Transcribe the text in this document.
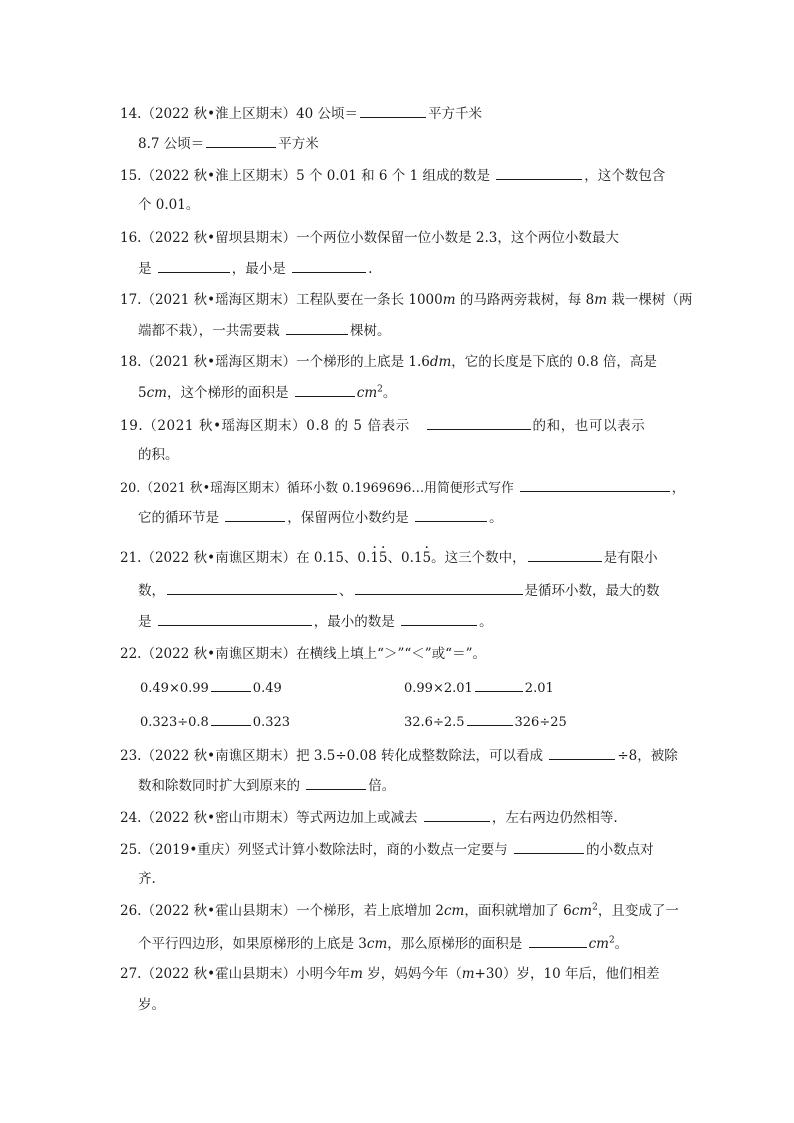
14.（2022 秋•淮上区期末）40 公顷＝	平方千米
8.7 公顷＝	平方米
15.（2022 秋•淮上区期末）5 个 0.01 和 6 个 1 组成的数是	，这个数包含
个 0.01。
16.（2022 秋•留坝县期末）一个两位小数保留一位小数是 2.3，这个两位小数最大
是	，最小是	.
17.（2021 秋•瑶海区期末）工程队要在一条长 1000m 的马路两旁栽树，每 8m 栽一棵树（两
端都不栽），一共需要栽	棵树。
18.（2021 秋•瑶海区期末）一个梯形的上底是 1.6dm，它的长度是下底的 0.8 倍，高是
5cm，这个梯形的面积是	$cm^2$。
19.（2021 秋•瑶海区期末）0.8 的 5 倍表示	的和，也可以表示
的积。
20.（2021 秋•瑶海区期末）循环小数 0.1969696…用简便形式写作	，
它的循环节是	，保留两位小数约是	。
21.（2022 秋•南谯区期末）在 0.15、0.1 ·5 ·、0.15 ·。这三个数中，	是有限小
数，	、	是循环小数，最大的数
是	，最小的数是	。
22.（2022 秋•南谯区期末）在横线上填上“＞”“＜”或“＝”。
0.49×0.99	0.49	0.99×2.01	2.01
0.323÷0.8	0.323	32.6÷2.5	326÷25
23.（2022 秋•南谯区期末）把 3.5÷0.08 转化成整数除法，可以看成	÷8，被除
数和除数同时扩大到原来的	倍。
24.（2022 秋•密山市期末）等式两边加上或减去	，左右两边仍然相等.
25.（2019•重庆）列竖式计算小数除法时，商的小数点一定要与	的小数点对
齐.
26.（2022 秋•霍山县期末）一个梯形，若上底增加 2cm，面积就增加了 $6cm^2$，且变成了一
个平行四边形，如果原梯形的上底是 3cm，那么原梯形的面积是	$cm^2$。
27.（2022 秋•霍山县期末）小明今年m 岁，妈妈今年（m+30）岁，10 年后，他们相差
岁。
